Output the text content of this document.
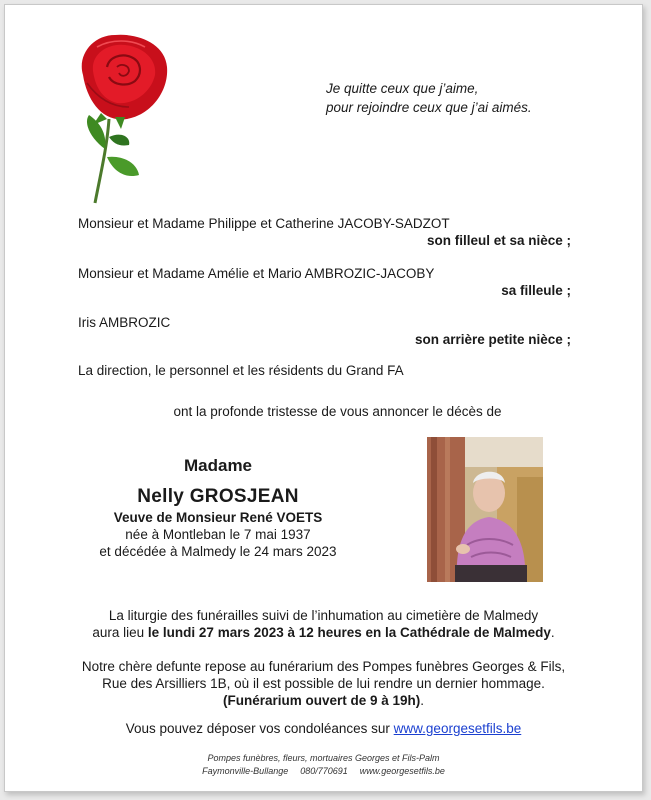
Je quitte ceux que j’aime,
pour rejoindre ceux que j’ai aimés.
Monsieur et Madame Philippe et Catherine JACOBY-SADZOT
son filleul et sa nièce ;
Monsieur et Madame Amélie et Mario AMBROZIC-JACOBY
sa filleule ;
Iris AMBROZIC
son arrière petite nièce ;
La direction, le personnel et les résidents du Grand FA
ont la profonde tristesse de vous annoncer le décès de
Madame
Nelly GROSJEAN
Veuve de Monsieur René VOETS
née à Montleban le 7 mai 1937
et décédée à Malmedy le 24 mars 2023
La liturgie des funérailles suivi de l’inhumation au cimetière de Malmedy
aura lieu le lundi 27 mars 2023 à 12 heures en la Cathédrale de Malmedy.
Notre chère defunte repose au funérarium des Pompes funèbres Georges & Fils,
Rue des Arsilliers 1B, où il est possible de lui rendre un dernier hommage.
(Funérarium ouvert de 9 à 19h).
Vous pouvez déposer vos condoléances sur www.georgesetfils.be
Pompes funèbres, fleurs, mortuaires Georges et Fils-Palm
Faymonville-Bullange 080/770691 www.georgesetfils.be
